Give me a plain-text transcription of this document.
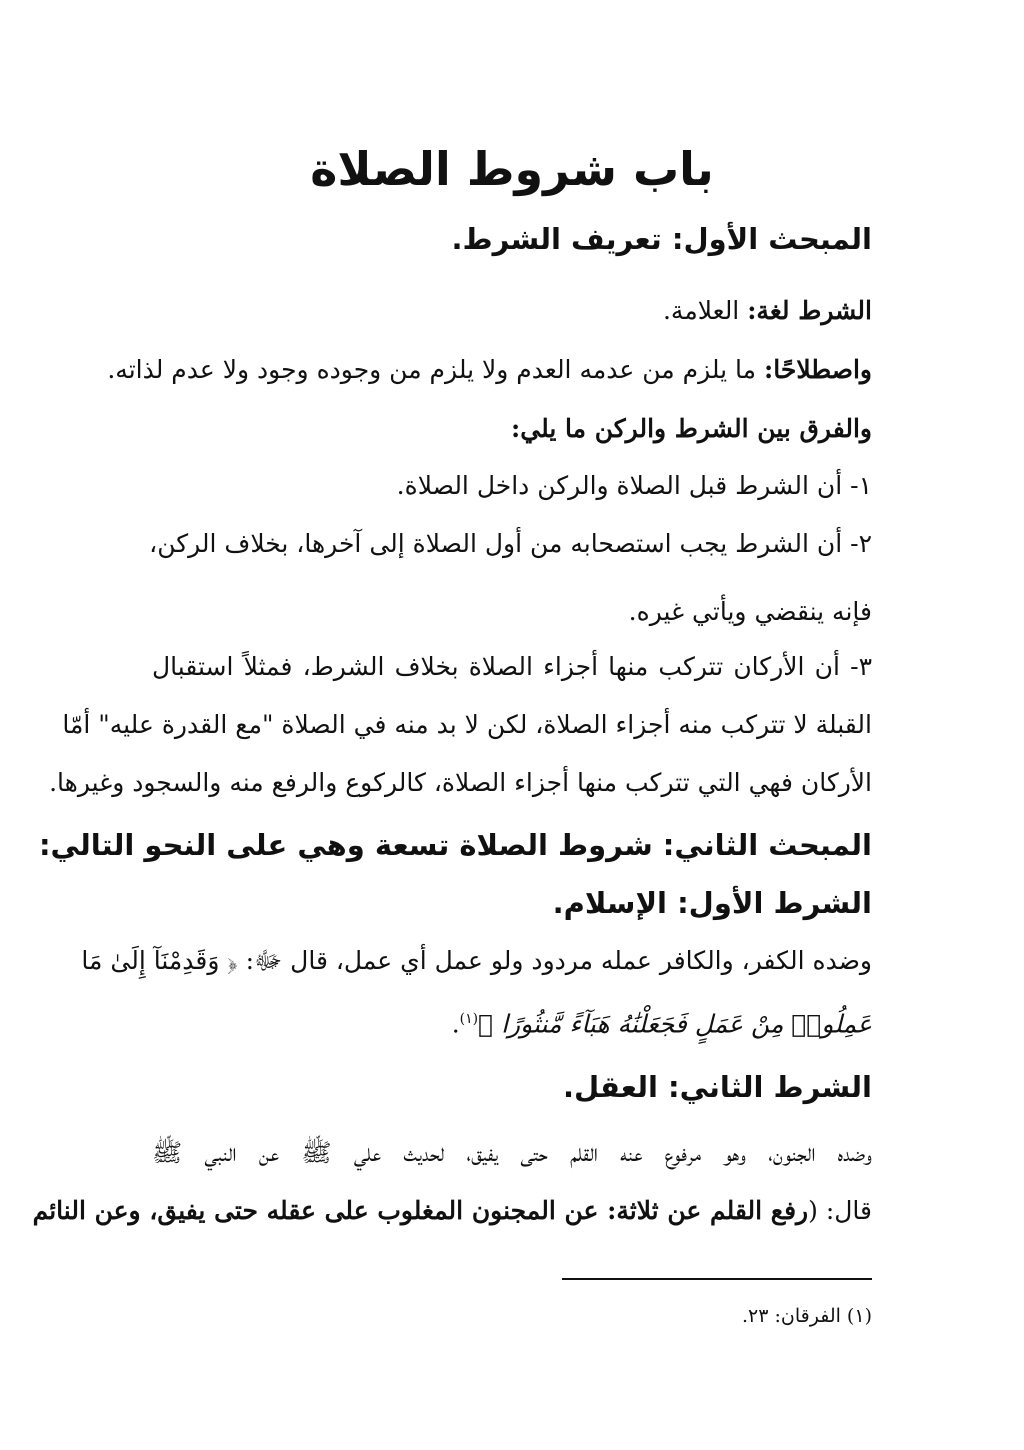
باب شروط الصلاة
المبحث الأول: تعريف الشرط.
الشرط لغة: العلامة.
واصطلاحًا: ما يلزم من عدمه العدم ولا يلزم من وجوده وجود ولا عدم لذاته.
والفرق بين الشرط والركن ما يلي:
١- أن الشرط قبل الصلاة والركن داخل الصلاة.
٢- أن الشرط يجب استصحابه من أول الصلاة إلى آخرها، بخلاف الركن،
فإنه ينقضي ويأتي غيره.
٣- أن الأركان تتركب منها أجزاء الصلاة بخلاف الشرط، فمثلاً استقبال
القبلة لا تتركب منه أجزاء الصلاة، لكن لا بد منه في الصلاة "مع القدرة عليه" أمّا
الأركان فهي التي تتركب منها أجزاء الصلاة، كالركوع والرفع منه والسجود وغيرها.
المبحث الثاني: شروط الصلاة تسعة وهي على النحو التالي:
الشرط الأول: الإسلام.
وضده الكفر، والكافر عمله مردود ولو عمل أي عمل، قال ﷻ: ﴿ وَقَدِمْنَآ إِلَىٰ مَا
عَمِلُوا۟ مِنْ عَمَلٍ فَجَعَلْنَٰهُ هَبَآءً مَّنثُورًا ﴾$^{(١)}$.
الشرط الثاني: العقل.
وضده الجنون، وهو مرفوع عنه القلم حتى يفيق، لحديث علي ﷺ عن النبي ﷺ
قال: (رفع القلم عن ثلاثة: عن المجنون المغلوب على عقله حتى يفيق، وعن النائم
(١) الفرقان: ٢٣.
